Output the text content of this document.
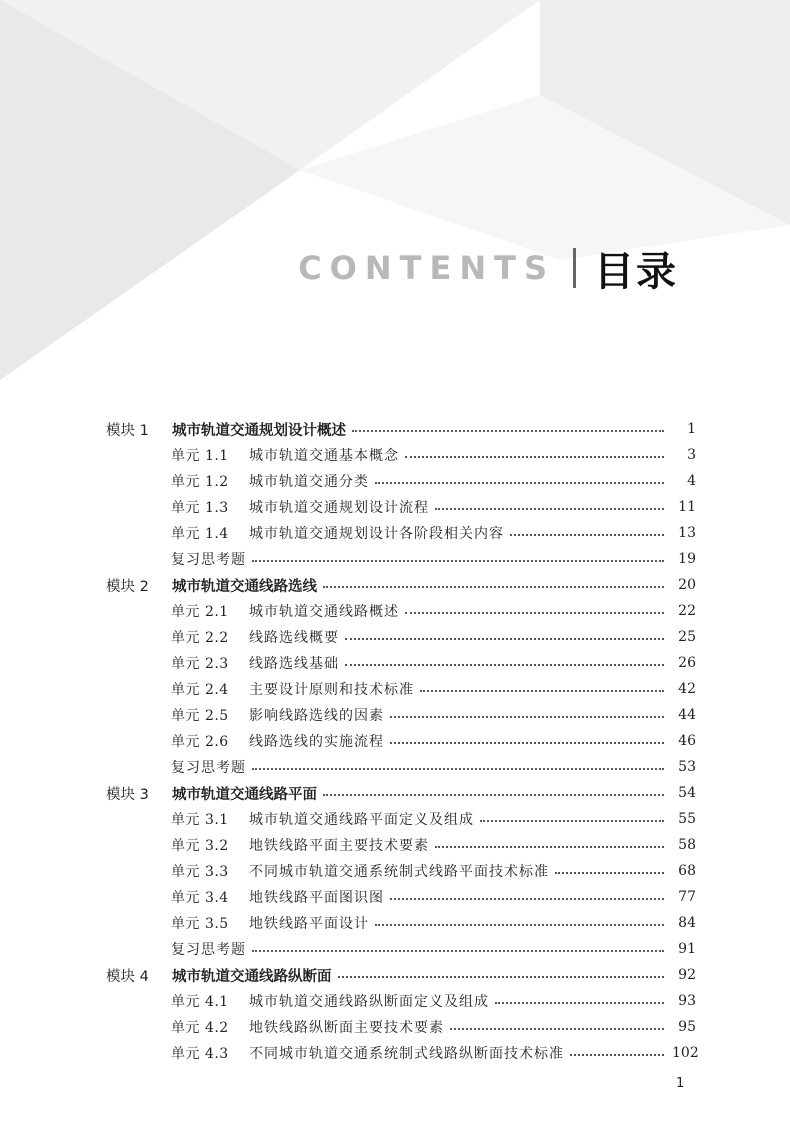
CONTENTS 目录
模块 1	城市轨道交通规划设计概述	1
单元 1.1	城市轨道交通基本概念	3
单元 1.2	城市轨道交通分类	4
单元 1.3	城市轨道交通规划设计流程	11
单元 1.4	城市轨道交通规划设计各阶段相关内容	13
复习思考题	19
模块 2	城市轨道交通线路选线	20
单元 2.1	城市轨道交通线路概述	22
单元 2.2	线路选线概要	25
单元 2.3	线路选线基础	26
单元 2.4	主要设计原则和技术标准	42
单元 2.5	影响线路选线的因素	44
单元 2.6	线路选线的实施流程	46
复习思考题	53
模块 3	城市轨道交通线路平面	54
单元 3.1	城市轨道交通线路平面定义及组成	55
单元 3.2	地铁线路平面主要技术要素	58
单元 3.3	不同城市轨道交通系统制式线路平面技术标准	68
单元 3.4	地铁线路平面图识图	77
单元 3.5	地铁线路平面设计	84
复习思考题	91
模块 4	城市轨道交通线路纵断面	92
单元 4.1	城市轨道交通线路纵断面定义及组成	93
单元 4.2	地铁线路纵断面主要技术要素	95
单元 4.3	不同城市轨道交通系统制式线路纵断面技术标准	102
1
